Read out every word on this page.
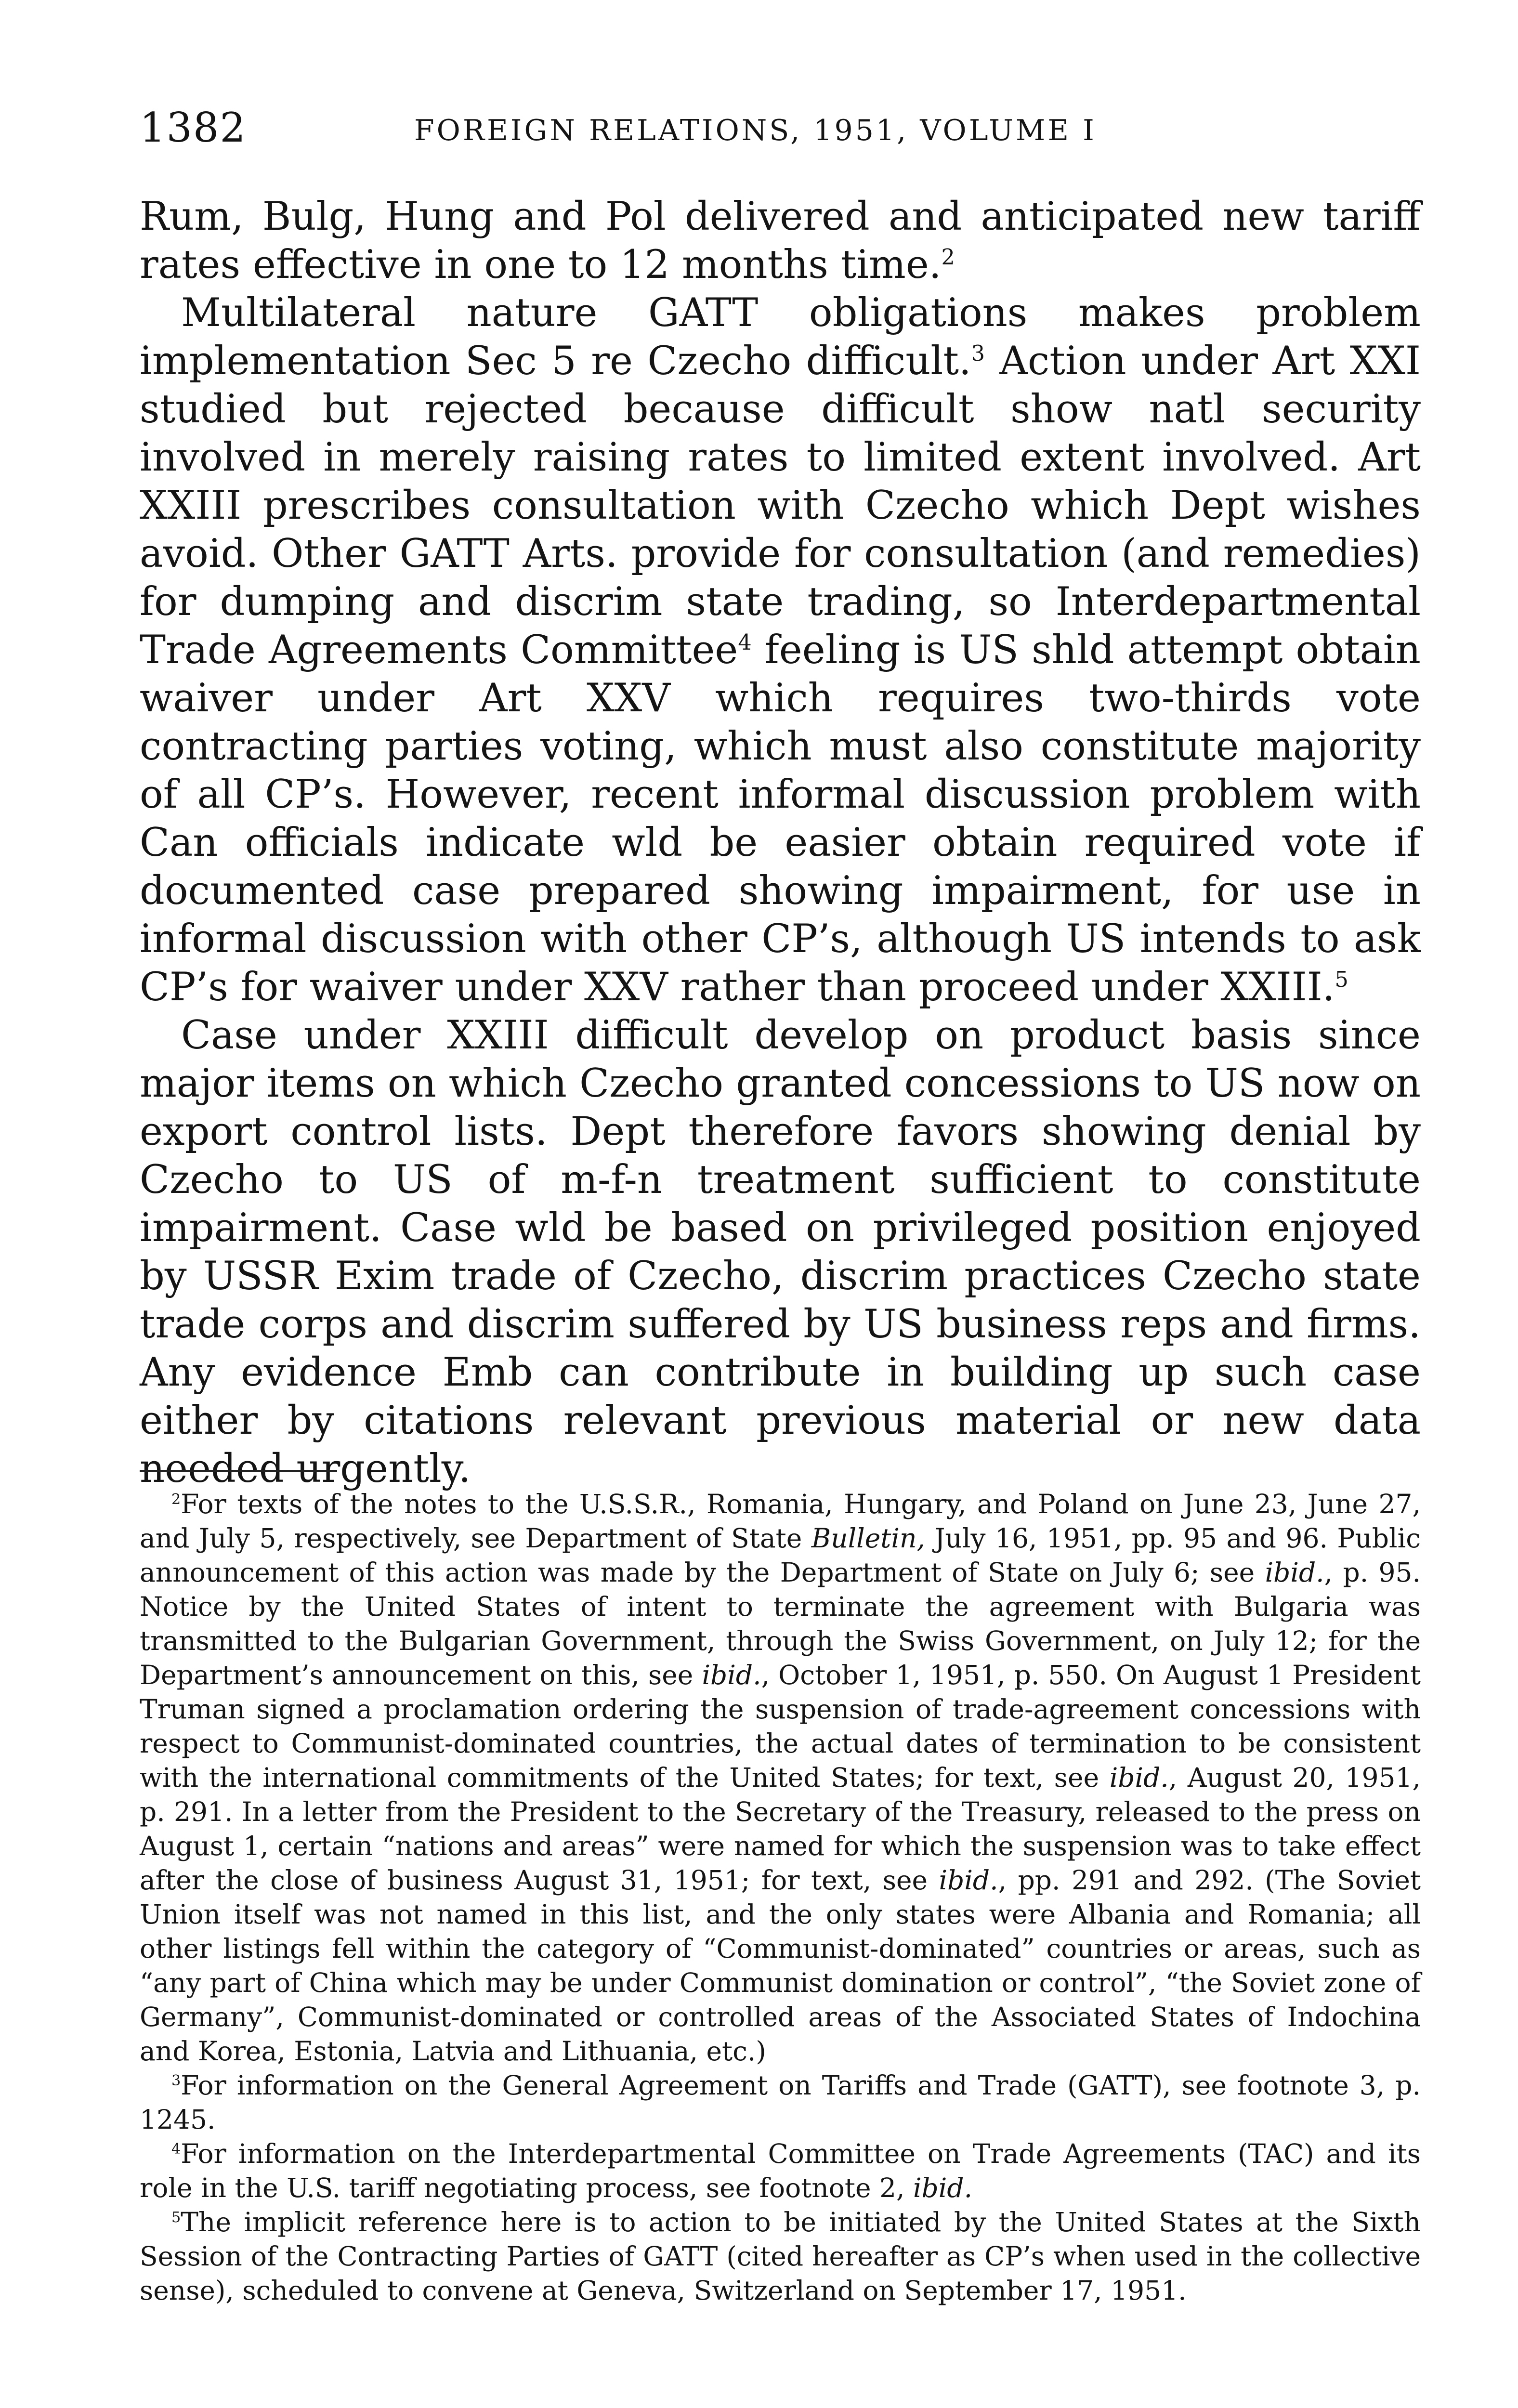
1382	FOREIGN RELATIONS, 1951, VOLUME I

Rum, Bulg, Hung and Pol delivered and anticipated new tariff rates effective in one to 12 months time.$^2$

Multilateral nature GATT obligations makes problem implementation Sec 5 re Czecho difficult.$^3$ Action under Art XXI studied but rejected because difficult show natl security involved in merely raising rates to limited extent involved. Art XXIII prescribes consultation with Czecho which Dept wishes avoid. Other GATT Arts. provide for consultation (and remedies) for dumping and discrim state trading, so Interdepartmental Trade Agreements Committee$^4$ feeling is US shld attempt obtain waiver under Art XXV which requires two-thirds vote contracting parties voting, which must also constitute majority of all CP’s. However, recent informal discussion problem with Can officials indicate wld be easier obtain required vote if documented case prepared showing impairment, for use in informal discussion with other CP’s, although US intends to ask CP’s for waiver under XXV rather than proceed under XXIII.$^5$

Case under XXIII difficult develop on product basis since major items on which Czecho granted concessions to US now on export control lists. Dept therefore favors showing denial by Czecho to US of m-f-n treatment sufficient to constitute impairment. Case wld be based on privileged position enjoyed by USSR Exim trade of Czecho, discrim practices Czecho state trade corps and discrim suffered by US business reps and firms. Any evidence Emb can contribute in building up such case either by citations relevant previous material or new data needed urgently.

$^2$For texts of the notes to the U.S.S.R., Romania, Hungary, and Poland on June 23, June 27, and July 5, respectively, see Department of State Bulletin, July 16, 1951, pp. 95 and 96. Public announcement of this action was made by the Department of State on July 6; see ibid., p. 95. Notice by the United States of intent to terminate the agreement with Bulgaria was transmitted to the Bulgarian Government, through the Swiss Government, on July 12; for the Department’s announcement on this, see ibid., October 1, 1951, p. 550. On August 1 President Truman signed a proclamation ordering the suspension of trade-agreement concessions with respect to Communist-dominated countries, the actual dates of termination to be consistent with the international commitments of the United States; for text, see ibid., August 20, 1951, p. 291. In a letter from the President to the Secretary of the Treasury, released to the press on August 1, certain “nations and areas” were named for which the suspension was to take effect after the close of business August 31, 1951; for text, see ibid., pp. 291 and 292. (The Soviet Union itself was not named in this list, and the only states were Albania and Romania; all other listings fell within the category of “Communist-dominated” countries or areas, such as “any part of China which may be under Communist domination or control”, “the Soviet zone of Germany”, Communist-dominated or controlled areas of the Associated States of Indochina and Korea, Estonia, Latvia and Lithuania, etc.)

$^3$For information on the General Agreement on Tariffs and Trade (GATT), see footnote 3, p. 1245.

$^4$For information on the Interdepartmental Committee on Trade Agreements (TAC) and its role in the U.S. tariff negotiating process, see footnote 2, ibid.

$^5$The implicit reference here is to action to be initiated by the United States at the Sixth Session of the Contracting Parties of GATT (cited hereafter as CP’s when used in the collective sense), scheduled to convene at Geneva, Switzerland on September 17, 1951.
